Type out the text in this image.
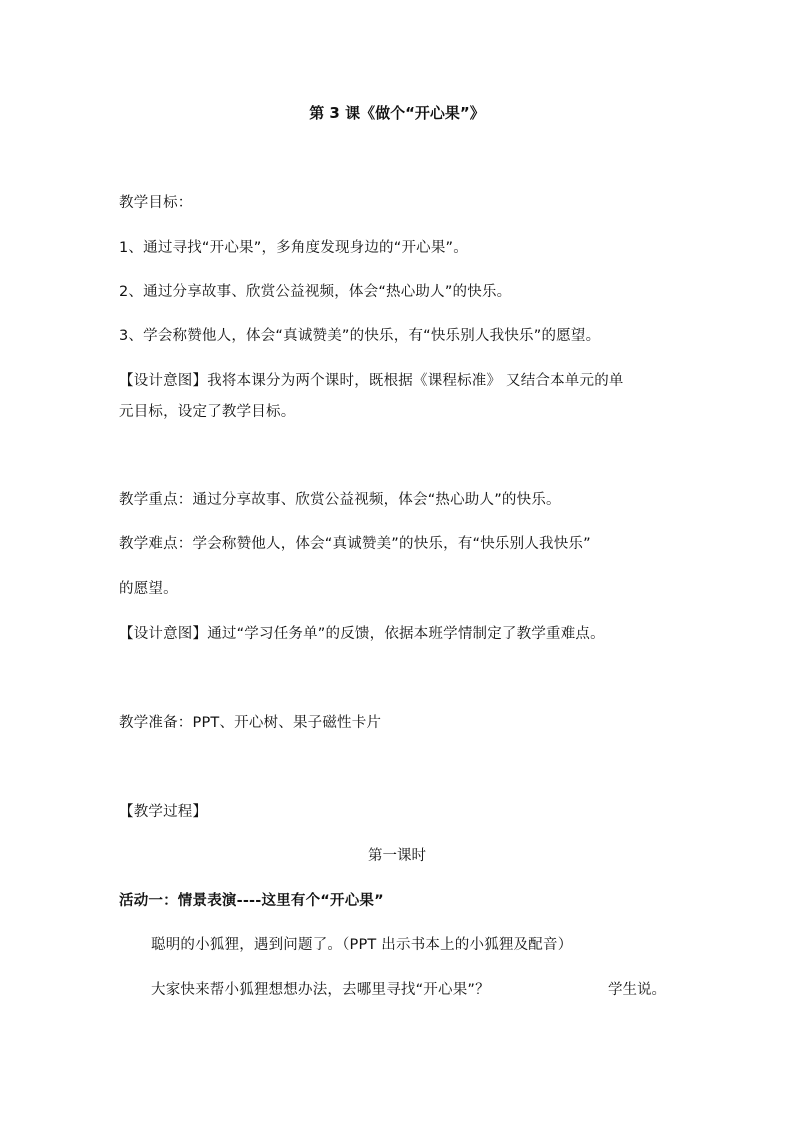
第 3 课《做个“开心果”》
教学目标：
1、通过寻找“开心果”，多角度发现身边的“开心果”。
2、通过分享故事、欣赏公益视频，体会“热心助人”的快乐。
3、学会称赞他人，体会“真诚赞美”的快乐，有“快乐别人我快乐”的愿望。
【设计意图】我将本课分为两个课时，既根据《课程标准》 又结合本单元的单
元目标，设定了教学目标。
教学重点：通过分享故事、欣赏公益视频，体会“热心助人”的快乐。
教学难点：学会称赞他人，体会“真诚赞美”的快乐，有“快乐别人我快乐”
的愿望。
【设计意图】通过“学习任务单”的反馈，依据本班学情制定了教学重难点。
教学准备：PPT、开心树、果子磁性卡片
【教学过程】
第一课时
活动一：情景表演----这里有个“开心果”
聪明的小狐狸，遇到问题了。（PPT 出示书本上的小狐狸及配音）
大家快来帮小狐狸想想办法，去哪里寻找“开心果”？	学生说。
